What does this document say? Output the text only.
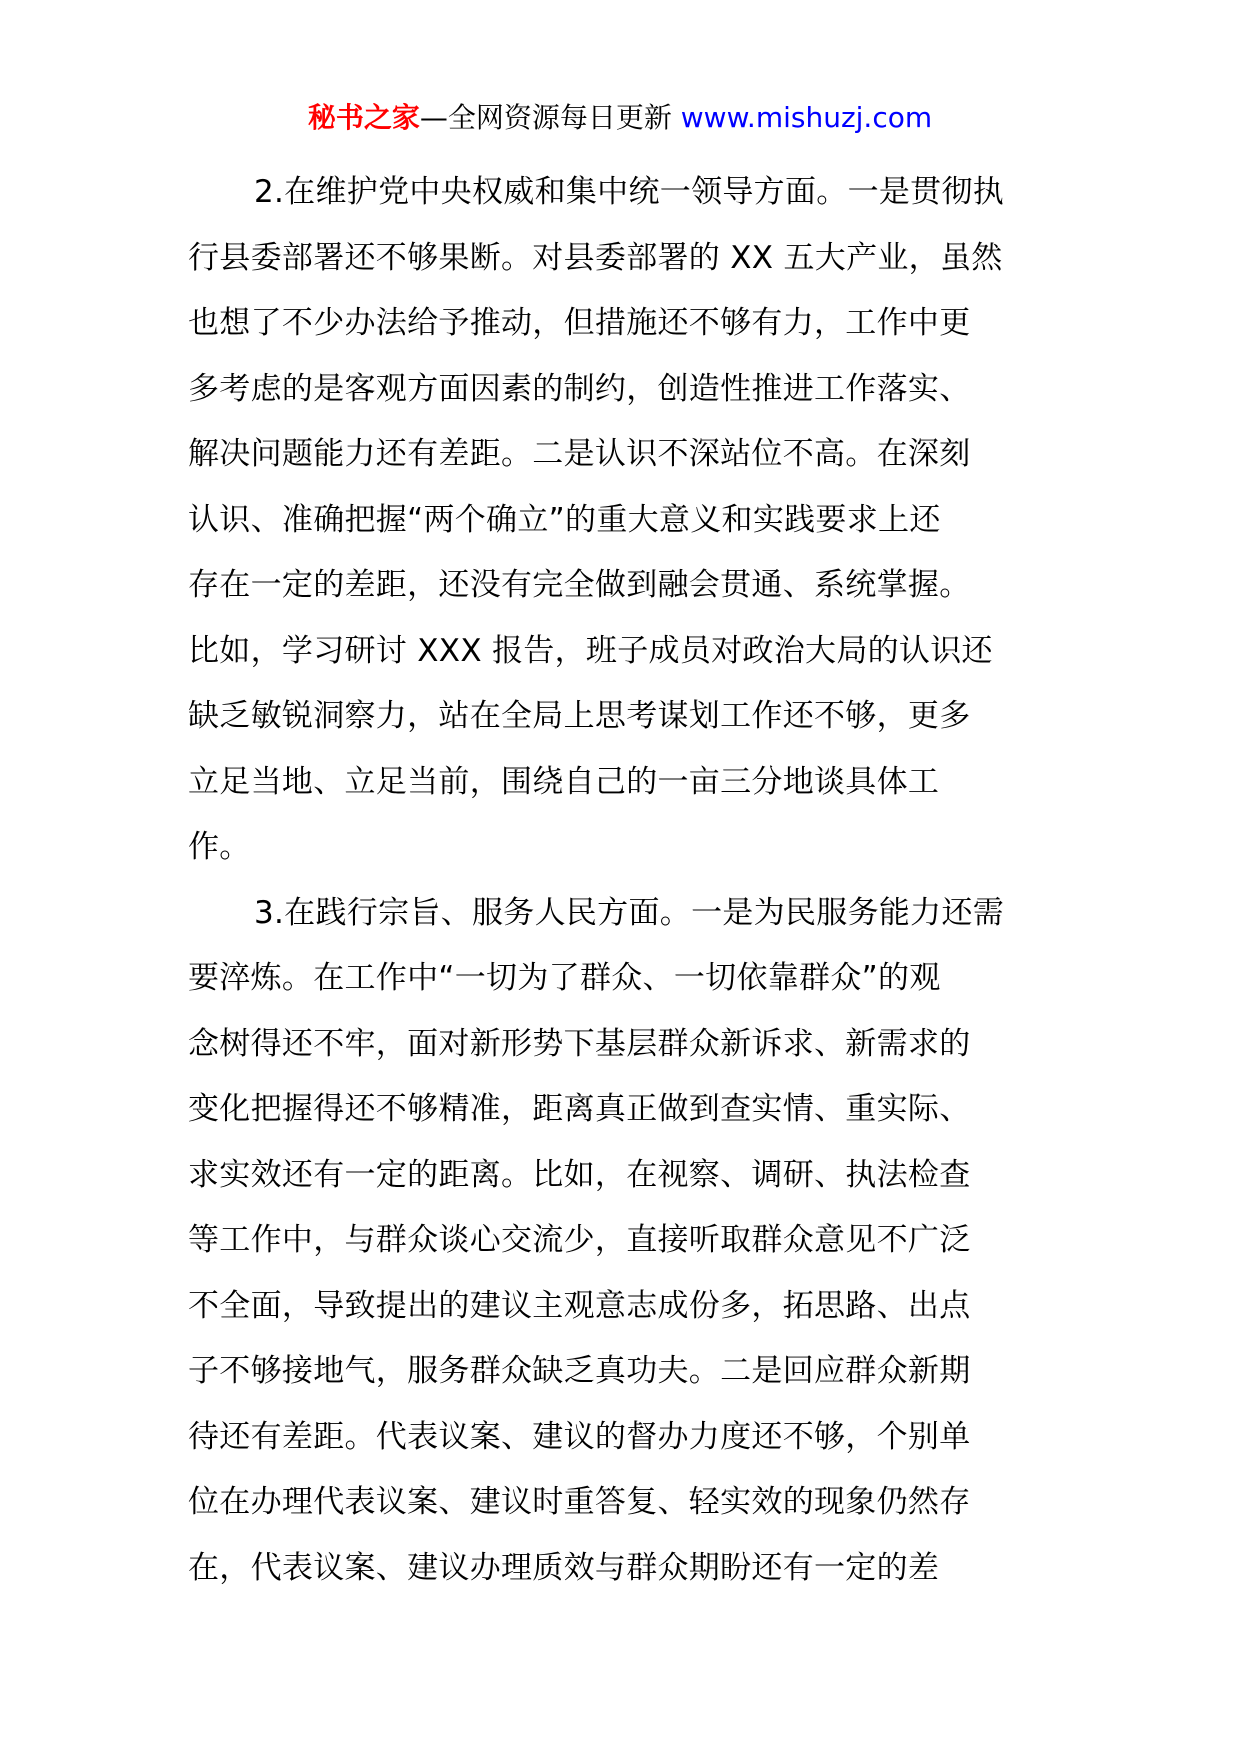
秘书之家—全网资源每日更新 www.mishuzj.com
2.在维护党中央权威和集中统一领导方面。一是贯彻执
行县委部署还不够果断。对县委部署的 XX 五大产业，虽然
也想了不少办法给予推动，但措施还不够有力，工作中更
多考虑的是客观方面因素的制约，创造性推进工作落实、
解决问题能力还有差距。二是认识不深站位不高。在深刻
认识、准确把握“两个确立”的重大意义和实践要求上还
存在一定的差距，还没有完全做到融会贯通、系统掌握。
比如，学习研讨 XXX 报告，班子成员对政治大局的认识还
缺乏敏锐洞察力，站在全局上思考谋划工作还不够，更多
立足当地、立足当前，围绕自己的一亩三分地谈具体工
作。
3.在践行宗旨、服务人民方面。一是为民服务能力还需
要淬炼。在工作中“一切为了群众、一切依靠群众”的观
念树得还不牢，面对新形势下基层群众新诉求、新需求的
变化把握得还不够精准，距离真正做到查实情、重实际、
求实效还有一定的距离。比如，在视察、调研、执法检查
等工作中，与群众谈心交流少，直接听取群众意见不广泛
不全面，导致提出的建议主观意志成份多，拓思路、出点
子不够接地气，服务群众缺乏真功夫。二是回应群众新期
待还有差距。代表议案、建议的督办力度还不够，个别单
位在办理代表议案、建议时重答复、轻实效的现象仍然存
在，代表议案、建议办理质效与群众期盼还有一定的差
